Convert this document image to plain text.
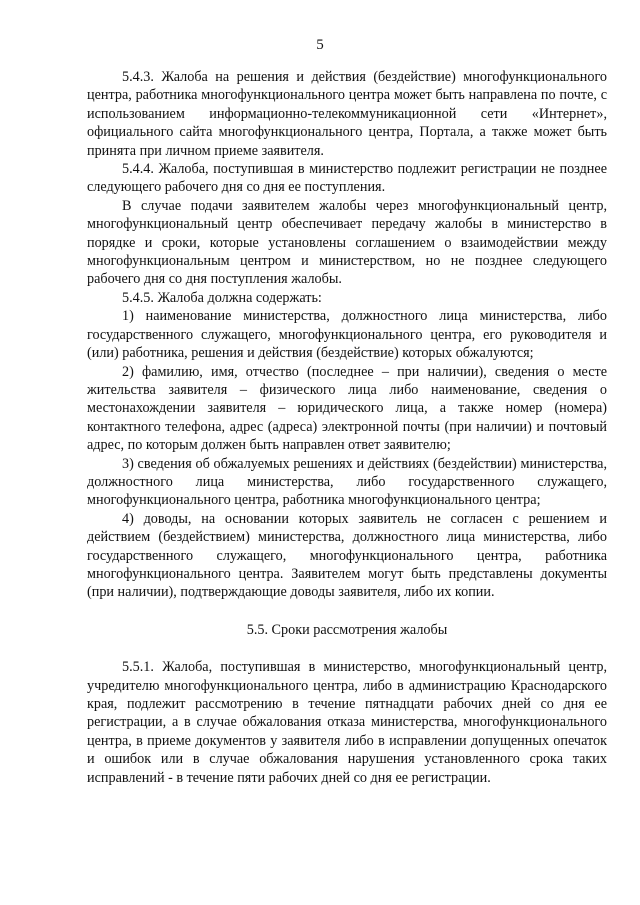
5

5.4.3. Жалоба на решения и действия (бездействие) многофункционального центра, работника многофункционального центра может быть направлена по почте, с использованием информационно-телекоммуникационной сети «Интернет», официального сайта многофункционального центра, Портала, а также может быть принята при личном приеме заявителя.

5.4.4. Жалоба, поступившая в министерство подлежит регистрации не позднее следующего рабочего дня со дня ее поступления.

В случае подачи заявителем жалобы через многофункциональный центр, многофункциональный центр обеспечивает передачу жалобы в министерство в порядке и сроки, которые установлены соглашением о взаимодействии между многофункциональным центром и министерством, но не позднее следующего рабочего дня со дня поступления жалобы.

5.4.5. Жалоба должна содержать:

1) наименование министерства, должностного лица министерства, либо государственного служащего, многофункционального центра, его руководителя и (или) работника, решения и действия (бездействие) которых обжалуются;

2) фамилию, имя, отчество (последнее – при наличии), сведения о месте жительства заявителя – физического лица либо наименование, сведения о местонахождении заявителя – юридического лица, а также номер (номера) контактного телефона, адрес (адреса) электронной почты (при наличии) и почтовый адрес, по которым должен быть направлен ответ заявителю;

3) сведения об обжалуемых решениях и действиях (бездействии) министерства, должностного лица министерства, либо государственного служащего, многофункционального центра, работника многофункционального центра;

4) доводы, на основании которых заявитель не согласен с решением и действием (бездействием) министерства, должностного лица министерства, либо государственного служащего, многофункционального центра, работника многофункционального центра. Заявителем могут быть представлены документы (при наличии), подтверждающие доводы заявителя, либо их копии.

5.5. Сроки рассмотрения жалобы

5.5.1. Жалоба, поступившая в министерство, многофункциональный центр, учредителю многофункционального центра, либо в администрацию Краснодарского края, подлежит рассмотрению в течение пятнадцати рабочих дней со дня ее регистрации, а в случае обжалования отказа министерства, многофункционального центра, в приеме документов у заявителя либо в исправлении допущенных опечаток и ошибок или в случае обжалования нарушения установленного срока таких исправлений - в течение пяти рабочих дней со дня ее регистрации.
